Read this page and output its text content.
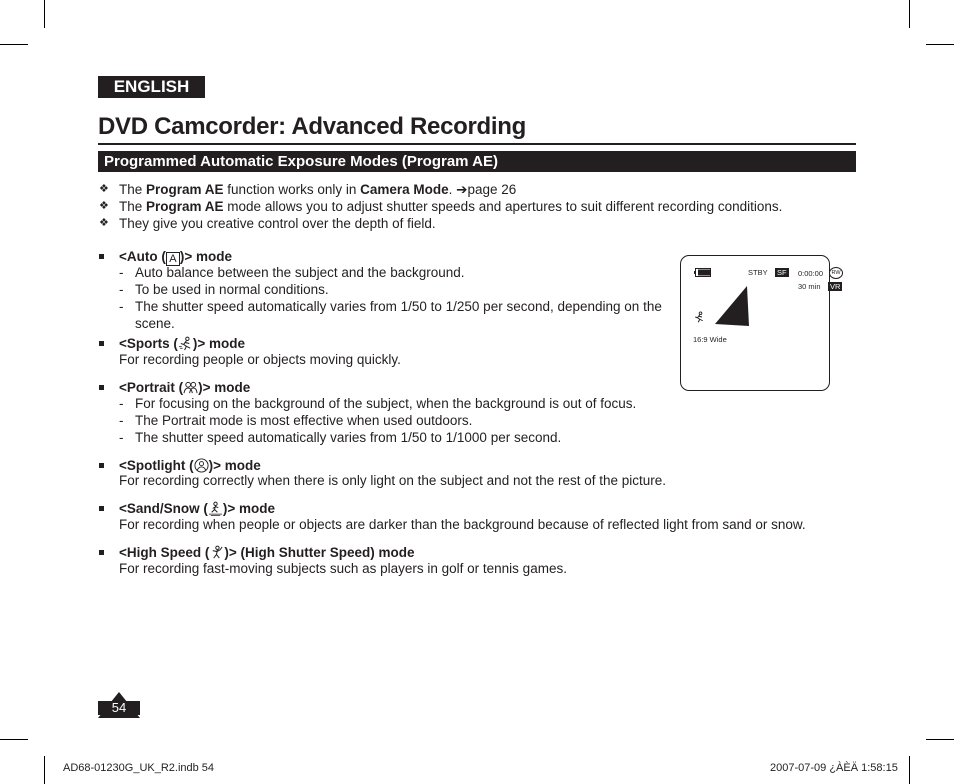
ENGLISH
DVD Camcorder: Advanced Recording
Programmed Automatic Exposure Modes (Program AE)
❖ The Program AE function works only in Camera Mode. ➔page 26
❖ The Program AE mode allows you to adjust shutter speeds and apertures to suit different recording conditions.
❖ They give you creative control over the depth of field.
<Auto ( A )> mode
- Auto balance between the subject and the background.
- To be used in normal conditions.
- The shutter speed automatically varies from 1/50 to 1/250 per second, depending on the
scene.
<Sports ( )> mode
For recording people or objects moving quickly.
<Portrait ( )> mode
- For focusing on the background of the subject, when the background is out of focus.
- The Portrait mode is most effective when used outdoors.
- The shutter speed automatically varies from 1/50 to 1/1000 per second.
<Spotlight ( )> mode
For recording correctly when there is only light on the subject and not the rest of the picture.
<Sand/Snow ( )> mode
For recording when people or objects are darker than the background because of reflected light from sand or snow.
<High Speed ( )> (High Shutter Speed) mode
For recording fast-moving subjects such as players in golf or tennis games.
STBY SF 0:00:00	RW
30 min VR
16:9 Wide
54
AD68-01230G_UK_R2.indb 54	2007-07-09 ¿ÀÈÄ 1:58:15
